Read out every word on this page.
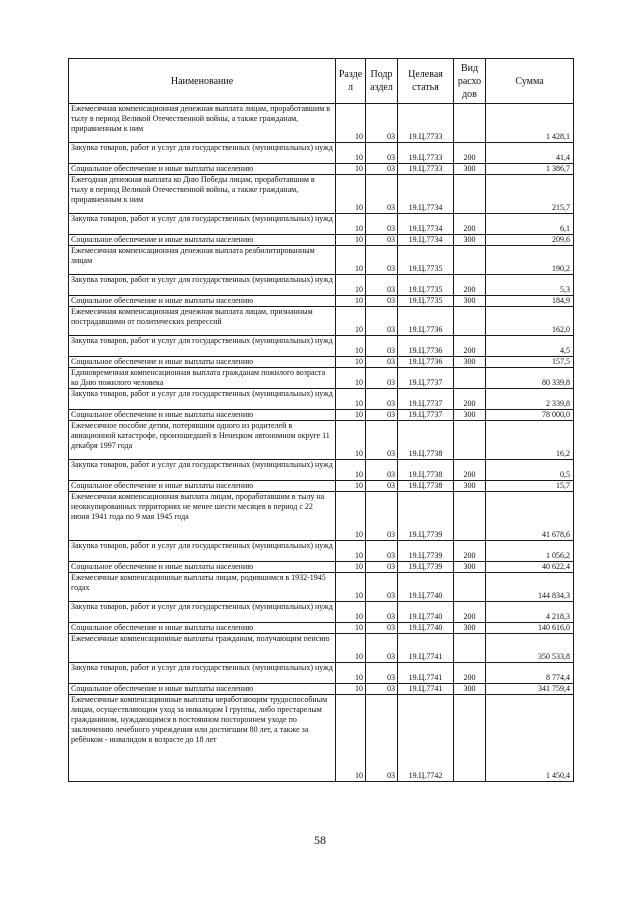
Наименование	Разде л	Подр аздел	Целевая статья	Вид расхо дов	Сумма
Ежемесячная компенсационная денежная выплата лицам, проработавшим в тылу в период Великой Отечественной войны, а также гражданам, приравненным к ним	10	03	19.Ц.7733		1 428,1
Закупка товаров, работ и услуг для государственных (муниципальных) нужд	10	03	19.Ц.7733	200	41,4
Социальное обеспечение и иные выплаты населению	10	03	19.Ц.7733	300	1 386,7
Ежегодная денежная выплата ко Дню Победы лицам, проработавшим в тылу в период Великой Отечественной войны, а также гражданам, приравненным к ним	10	03	19.Ц.7734		215,7
Закупка товаров, работ и услуг для государственных (муниципальных) нужд	10	03	19.Ц.7734	200	6,1
Социальное обеспечение и иные выплаты населению	10	03	19.Ц.7734	300	209,6
Ежемесячная компенсационная денежная выплата реабилитированным лицам	10	03	19.Ц.7735		190,2
Закупка товаров, работ и услуг для государственных (муниципальных) нужд	10	03	19.Ц.7735	200	5,3
Социальное обеспечение и иные выплаты населению	10	03	19.Ц.7735	300	184,9
Ежемесячная компенсационная денежная выплата лицам, признанным пострадавшими от политических репрессий	10	03	19.Ц.7736		162,0
Закупка товаров, работ и услуг для государственных (муниципальных) нужд	10	03	19.Ц.7736	200	4,5
Социальное обеспечение и иные выплаты населению	10	03	19.Ц.7736	300	157,5
Единовременная компенсационная выплата гражданам пожилого возраста ко Дню пожилого человека	10	03	19.Ц.7737		80 339,8
Закупка товаров, работ и услуг для государственных (муниципальных) нужд	10	03	19.Ц.7737	200	2 339,8
Социальное обеспечение и иные выплаты населению	10	03	19.Ц.7737	300	78 000,0
Ежемесячное пособие детям, потерявшим одного из родителей в авиационной катастрофе, произошедшей в Ненецком автономном округе 11 декабря 1997 года	10	03	19.Ц.7738		16,2
Закупка товаров, работ и услуг для государственных (муниципальных) нужд	10	03	19.Ц.7738	200	0,5
Социальное обеспечение и иные выплаты населению	10	03	19.Ц.7738	300	15,7
Ежемесячная компенсационная выплата лицам, проработавшим в тылу на неоккупированных территориях не менее шести месяцев в период с 22 июня 1941 года по 9 мая 1945 года	10	03	19.Ц.7739		41 678,6
Закупка товаров, работ и услуг для государственных (муниципальных) нужд	10	03	19.Ц.7739	200	1 056,2
Социальное обеспечение и иные выплаты населению	10	03	19.Ц.7739	300	40 622,4
Ежемесячные компенсационные выплаты лицам, родившимся в 1932-1945 годах	10	03	19.Ц.7740		144 834,3
Закупка товаров, работ и услуг для государственных (муниципальных) нужд	10	03	19.Ц.7740	200	4 218,3
Социальное обеспечение и иные выплаты населению	10	03	19.Ц.7740	300	140 616,0
Ежемесячные компенсационные выплаты гражданам, получающим пенсию	10	03	19.Ц.7741		350 533,8
Закупка товаров, работ и услуг для государственных (муниципальных) нужд	10	03	19.Ц.7741	200	8 774,4
Социальное обеспечение и иные выплаты населению	10	03	19.Ц.7741	300	341 759,4
Ежемесячные компенсационные выплаты неработающим трудоспособным лицам, осуществляющим уход за инвалидом I группы, либо престарелым гражданином, нуждающимся в постоянном постороннем уходе по заключению лечебного учреждения или достигшим 80 лет, а также за ребёнком - инвалидом в возрасте до 18 лет	10	03	19.Ц.7742		1 450,4
58
